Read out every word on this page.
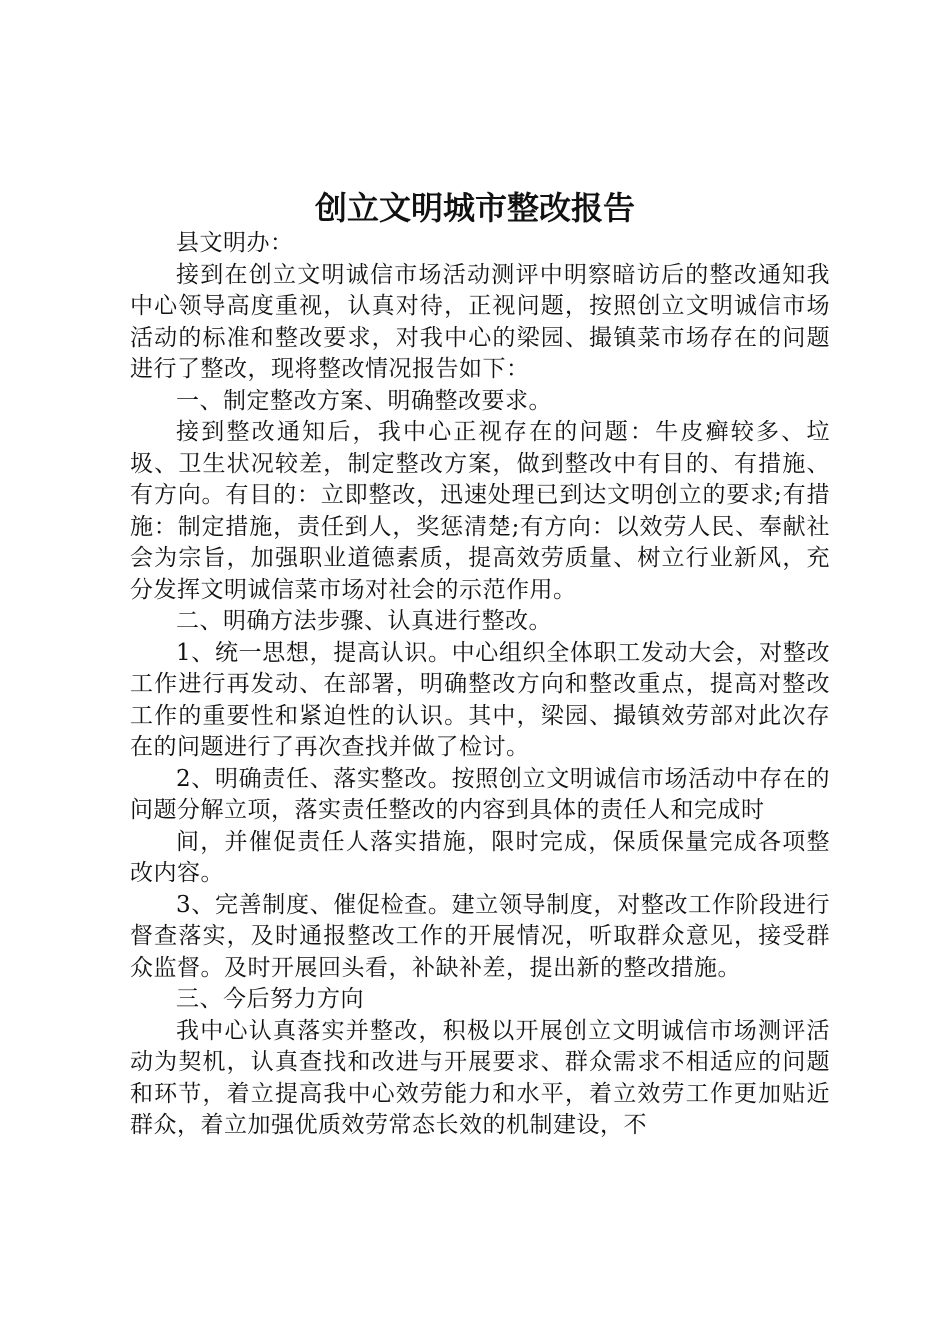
创立文明城市整改报告

县文明办：

接到在创立文明诚信市场活动测评中明察暗访后的整改通知我中心领导高度重视，认真对待，正视问题，按照创立文明诚信市场活动的标准和整改要求，对我中心的梁园、撮镇菜市场存在的问题进行了整改，现将整改情况报告如下：

一、制定整改方案、明确整改要求。

接到整改通知后，我中心正视存在的问题：牛皮癣较多、垃圾、卫生状况较差，制定整改方案，做到整改中有目的、有措施、有方向。有目的：立即整改，迅速处理已到达文明创立的要求;有措施：制定措施，责任到人，奖惩清楚;有方向：以效劳人民、奉献社会为宗旨，加强职业道德素质，提高效劳质量、树立行业新风，充分发挥文明诚信菜市场对社会的示范作用。

二、明确方法步骤、认真进行整改。

1、统一思想，提高认识。中心组织全体职工发动大会，对整改工作进行再发动、在部署，明确整改方向和整改重点，提高对整改工作的重要性和紧迫性的认识。其中，梁园、撮镇效劳部对此次存在的问题进行了再次查找并做了检讨。

2、明确责任、落实整改。按照创立文明诚信市场活动中存在的问题分解立项，落实责任整改的内容到具体的责任人和完成时

间，并催促责任人落实措施，限时完成，保质保量完成各项整改内容。

3、完善制度、催促检查。建立领导制度，对整改工作阶段进行督查落实，及时通报整改工作的开展情况，听取群众意见，接受群众监督。及时开展回头看，补缺补差，提出新的整改措施。

三、今后努力方向

我中心认真落实并整改，积极以开展创立文明诚信市场测评活动为契机，认真查找和改进与开展要求、群众需求不相适应的问题和环节，着立提高我中心效劳能力和水平，着立效劳工作更加贴近群众，着立加强优质效劳常态长效的机制建设，不
